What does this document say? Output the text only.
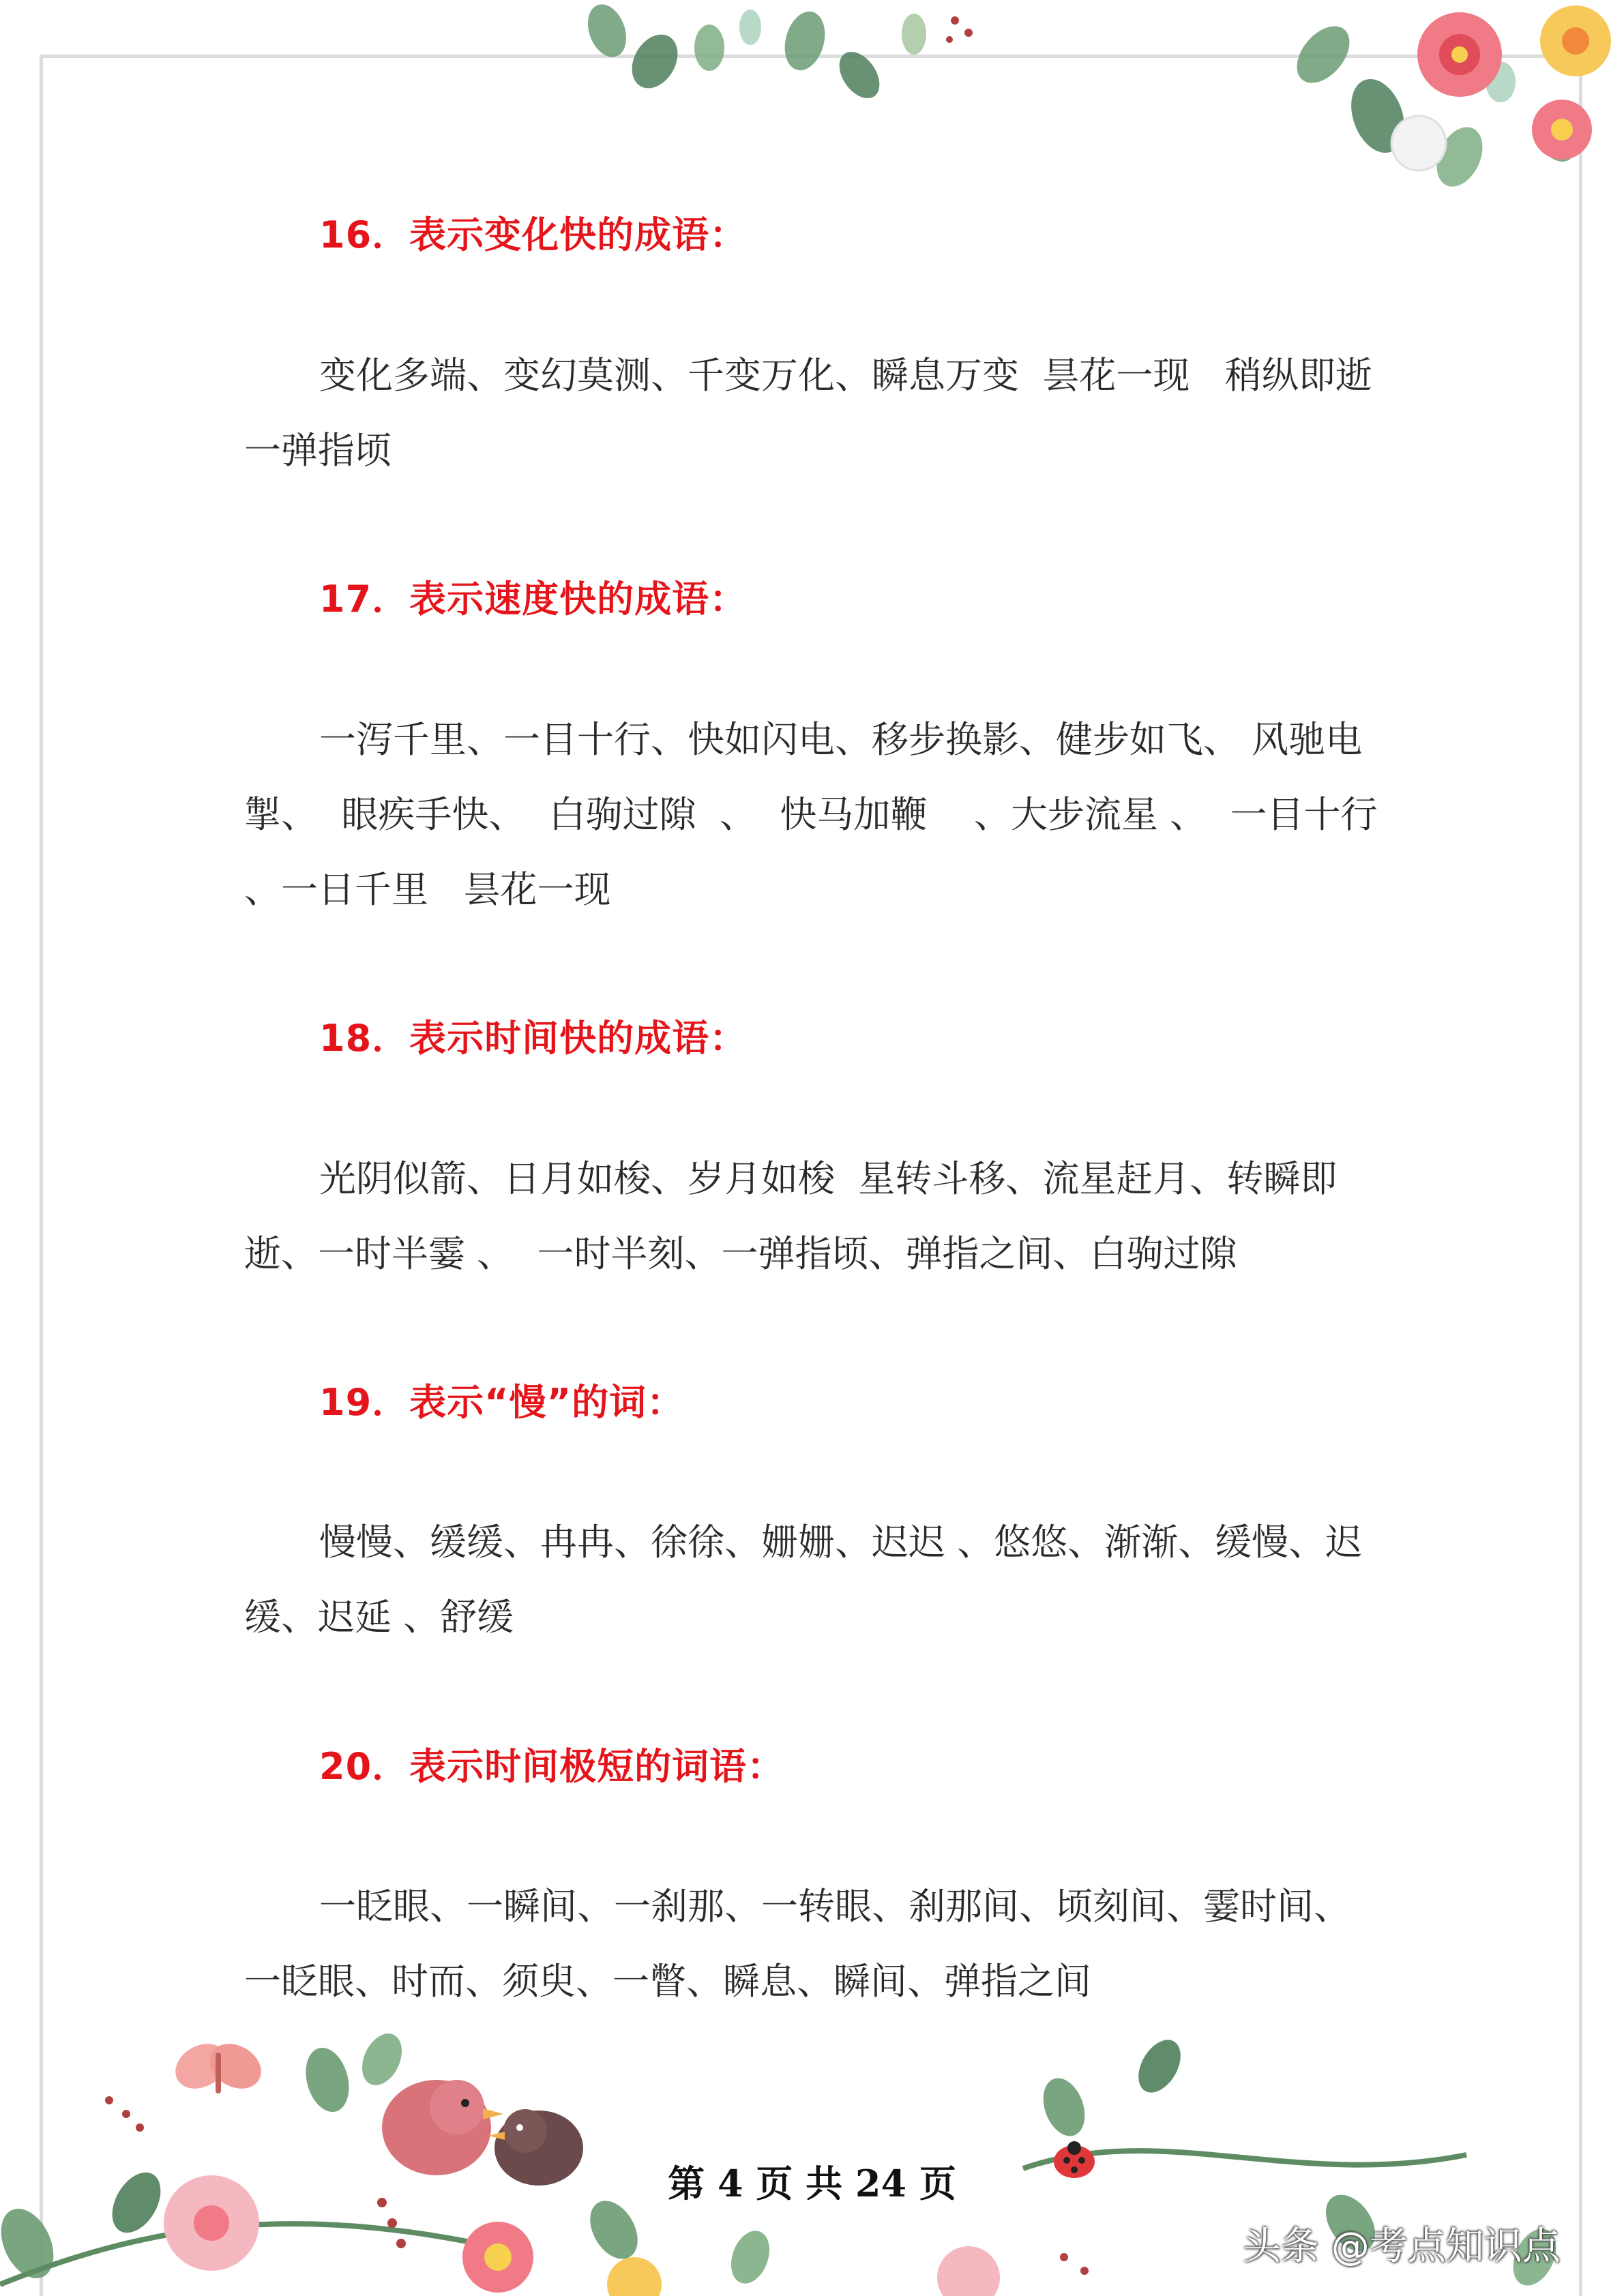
16．表示变化快的成语：

变化多端、变幻莫测、千变万化、瞬息万变  昙花一现   稍纵即逝  一弹指顷

17．表示速度快的成语：

一泻千里、一目十行、快如闪电、移步换影、健步如飞、 风驰电掣、  眼疾手快、  白驹过隙  、  快马加鞭    、大步流星 、  一目十行  、一日千里   昙花一现

18．表示时间快的成语：

光阴似箭、日月如梭、岁月如梭  星转斗移、流星赶月、转瞬即逝、一时半霎 、  一时半刻、一弹指顷、弹指之间、白驹过隙

19．表示“慢”的词：

慢慢、缓缓、冉冉、徐徐、姗姗、迟迟 、悠悠、渐渐、缓慢、迟缓、迟延 、舒缓

20．表示时间极短的词语：

一眨眼、一瞬间、一刹那、一转眼、刹那间、顷刻间、霎时间、一眨眼、时而、须臾、一瞥、瞬息、瞬间、弹指之间

第 4 页 共 24 页
头条 @考点知识点
